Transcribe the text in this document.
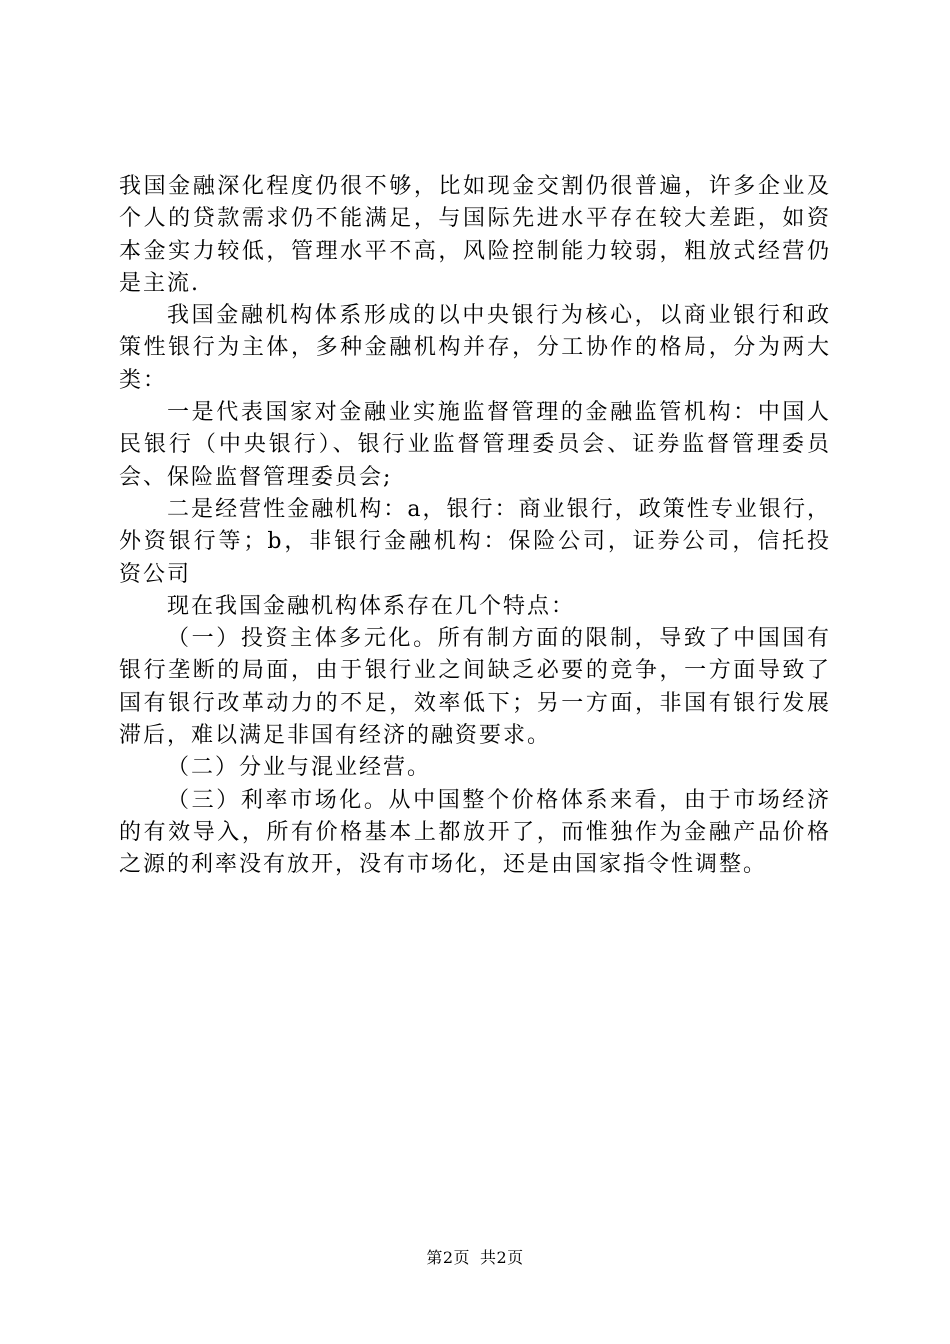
我国金融深化程度仍很不够，比如现金交割仍很普遍，许多企业及个人的贷款需求仍不能满足，与国际先进水平存在较大差距，如资本金实力较低，管理水平不高，风险控制能力较弱，粗放式经营仍是主流.

我国金融机构体系形成的以中央银行为核心，以商业银行和政策性银行为主体，多种金融机构并存，分工协作的格局，分为两大类：

一是代表国家对金融业实施监督管理的金融监管机构：中国人民银行（中央银行）、银行业监督管理委员会、证券监督管理委员会、保险监督管理委员会;

二是经营性金融机构：a，银行：商业银行，政策性专业银行，外资银行等；b，非银行金融机构：保险公司，证券公司，信托投资公司

现在我国金融机构体系存在几个特点：

（一）投资主体多元化。所有制方面的限制，导致了中国国有银行垄断的局面，由于银行业之间缺乏必要的竞争，一方面导致了国有银行改革动力的不足，效率低下；另一方面，非国有银行发展滞后，难以满足非国有经济的融资要求。

（二）分业与混业经营。

（三）利率市场化。从中国整个价格体系来看，由于市场经济的有效导入，所有价格基本上都放开了，而惟独作为金融产品价格之源的利率没有放开，没有市场化，还是由国家指令性调整。

第2页 共2页
